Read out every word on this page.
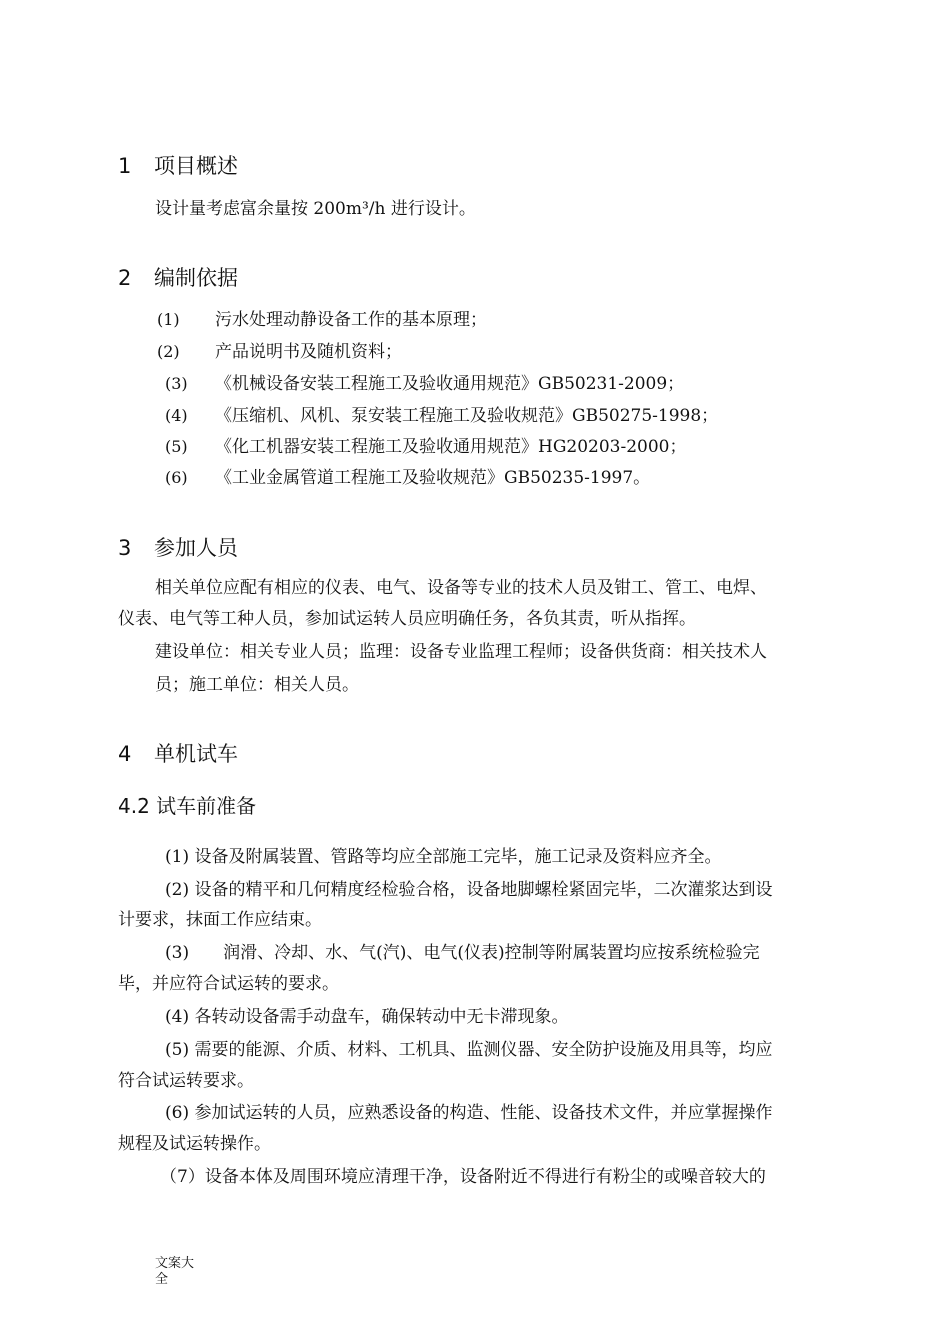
1 项目概述
设计量考虑富余量按 200m³/h 进行设计。
2 编制依据
(1) 污水处理动静设备工作的基本原理；
(2) 产品说明书及随机资料；
(3) 《机械设备安装工程施工及验收通用规范》GB50231-2009；
(4) 《压缩机、风机、泵安装工程施工及验收规范》GB50275-1998；
(5) 《化工机器安装工程施工及验收通用规范》HG20203-2000；
(6) 《工业金属管道工程施工及验收规范》GB50235-1997。
3 参加人员
相关单位应配有相应的仪表、电气、设备等专业的技术人员及钳工、管工、电焊、
仪表、电气等工种人员，参加试运转人员应明确任务，各负其责，听从指挥。
建设单位：相关专业人员；监理：设备专业监理工程师；设备供货商：相关技术人
员；施工单位：相关人员。
4 单机试车
4.2 试车前准备
(1) 设备及附属装置、管路等均应全部施工完毕，施工记录及资料应齐全。
(2) 设备的精平和几何精度经检验合格，设备地脚螺栓紧固完毕，二次灌浆达到设
计要求，抹面工作应结束。
(3)　　润滑、冷却、水、气(汽)、电气(仪表)控制等附属装置均应按系统检验完
毕，并应符合试运转的要求。
(4) 各转动设备需手动盘车，确保转动中无卡滞现象。
(5) 需要的能源、介质、材料、工机具、监测仪器、安全防护设施及用具等，均应
符合试运转要求。
(6) 参加试运转的人员，应熟悉设备的构造、性能、设备技术文件，并应掌握操作
规程及试运转操作。
（7）设备本体及周围环境应清理干净，设备附近不得进行有粉尘的或噪音较大的
文案大全
